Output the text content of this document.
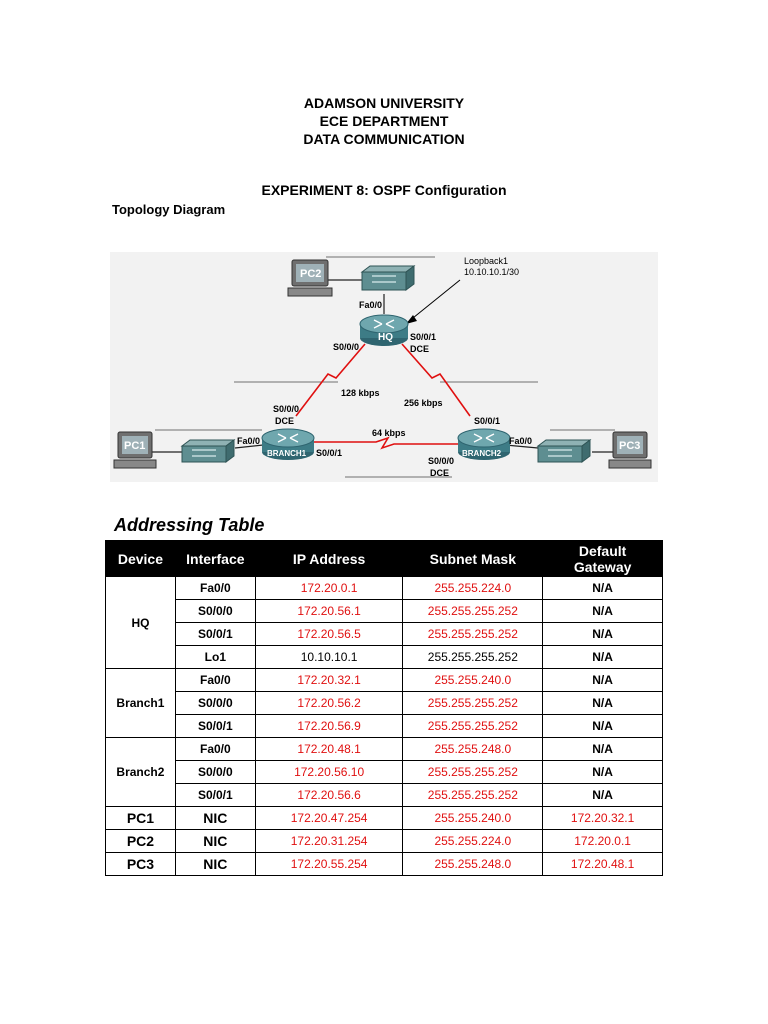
ADAMSON UNIVERSITY
ECE DEPARTMENT
DATA COMMUNICATION
EXPERIMENT 8: OSPF Configuration
Topology Diagram
PC2
HQ
PC1
BRANCH1	BRANCH2
PC3
Loopback1
10.10.10.1/30
Fa0/0
S0/0/0
S0/0/1
DCE
128 kbps
256 kbps
S0/0/0
DCE
Fa0/0
S0/0/1
64 kbps
S0/0/1
Fa0/0
S0/0/0
DCE
Addressing Table
Device	Interface	IP Address	Subnet Mask	Default
Gateway

HQ	Fa0/0	172.20.0.1	255.255.224.0	N/A
	S0/0/0	172.20.56.1	255.255.255.252	N/A
	S0/0/1	172.20.56.5	255.255.255.252	N/A
	Lo1	10.10.10.1	255.255.255.252	N/A
Branch1	Fa0/0	172.20.32.1	255.255.240.0	N/A
	S0/0/0	172.20.56.2	255.255.255.252	N/A
	S0/0/1	172.20.56.9	255.255.255.252	N/A
Branch2	Fa0/0	172.20.48.1	255.255.248.0	N/A
	S0/0/0	172.20.56.10	255.255.255.252	N/A
	S0/0/1	172.20.56.6	255.255.255.252	N/A
PC1	NIC	172.20.47.254	255.255.240.0	172.20.32.1
PC2	NIC	172.20.31.254	255.255.224.0	172.20.0.1
PC3	NIC	172.20.55.254	255.255.248.0	172.20.48.1
